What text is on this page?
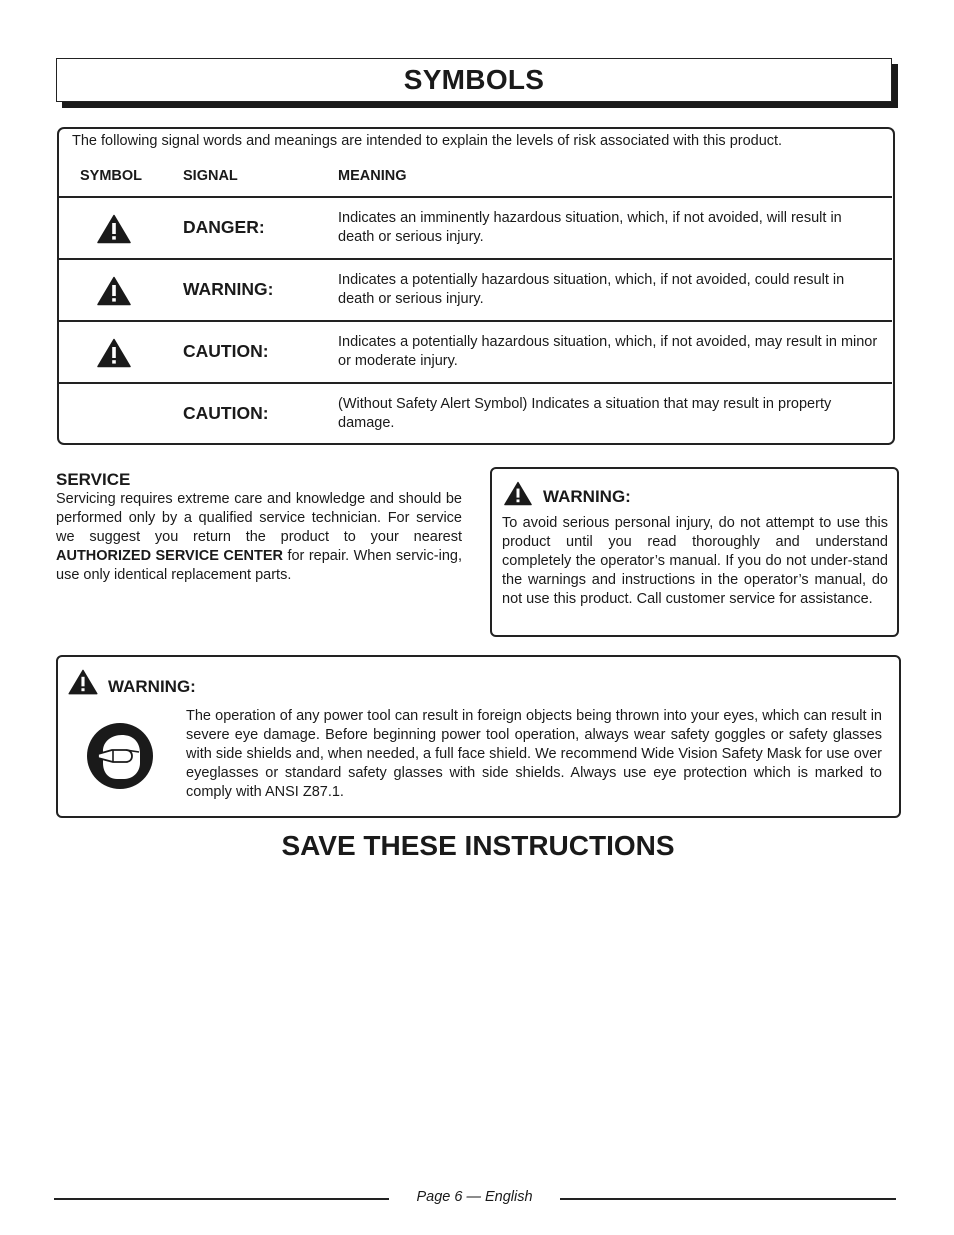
SYMBOLS
The following signal words and meanings are intended to explain the levels of risk associated with this product.
SYMBOL	SIGNAL	MEANING
DANGER:	Indicates an imminently hazardous situation, which, if not avoided, will result in death or serious injury.
WARNING:	Indicates a potentially hazardous situation, which, if not avoided, could result in death or serious injury.
CAUTION:	Indicates a potentially hazardous situation, which, if not avoided, may result in minor or moderate injury.
CAUTION:	(Without Safety Alert Symbol) Indicates a situation that may result in property damage.
SERVICE
Servicing requires extreme care and knowledge and should be performed only by a qualified service technician. For service we suggest you return the product to your nearest AUTHORIZED SERVICE CENTER for repair. When servic-ing, use only identical replacement parts.
WARNING:
To avoid serious personal injury, do not attempt to use this product until you read thoroughly and understand completely the operator’s manual. If you do not under-stand the warnings and instructions in the operator’s manual, do not use this product. Call customer service for assistance.
WARNING:
The operation of any power tool can result in foreign objects being thrown into your eyes, which can result in severe eye damage. Before beginning power tool operation, always wear safety goggles or safety glasses with side shields and, when needed, a full face shield. We recommend Wide Vision Safety Mask for use over eyeglasses or standard safety glasses with side shields. Always use eye protection which is marked to comply with ANSI Z87.1.
SAVE THESE INSTRUCTIONS
Page 6 — English
